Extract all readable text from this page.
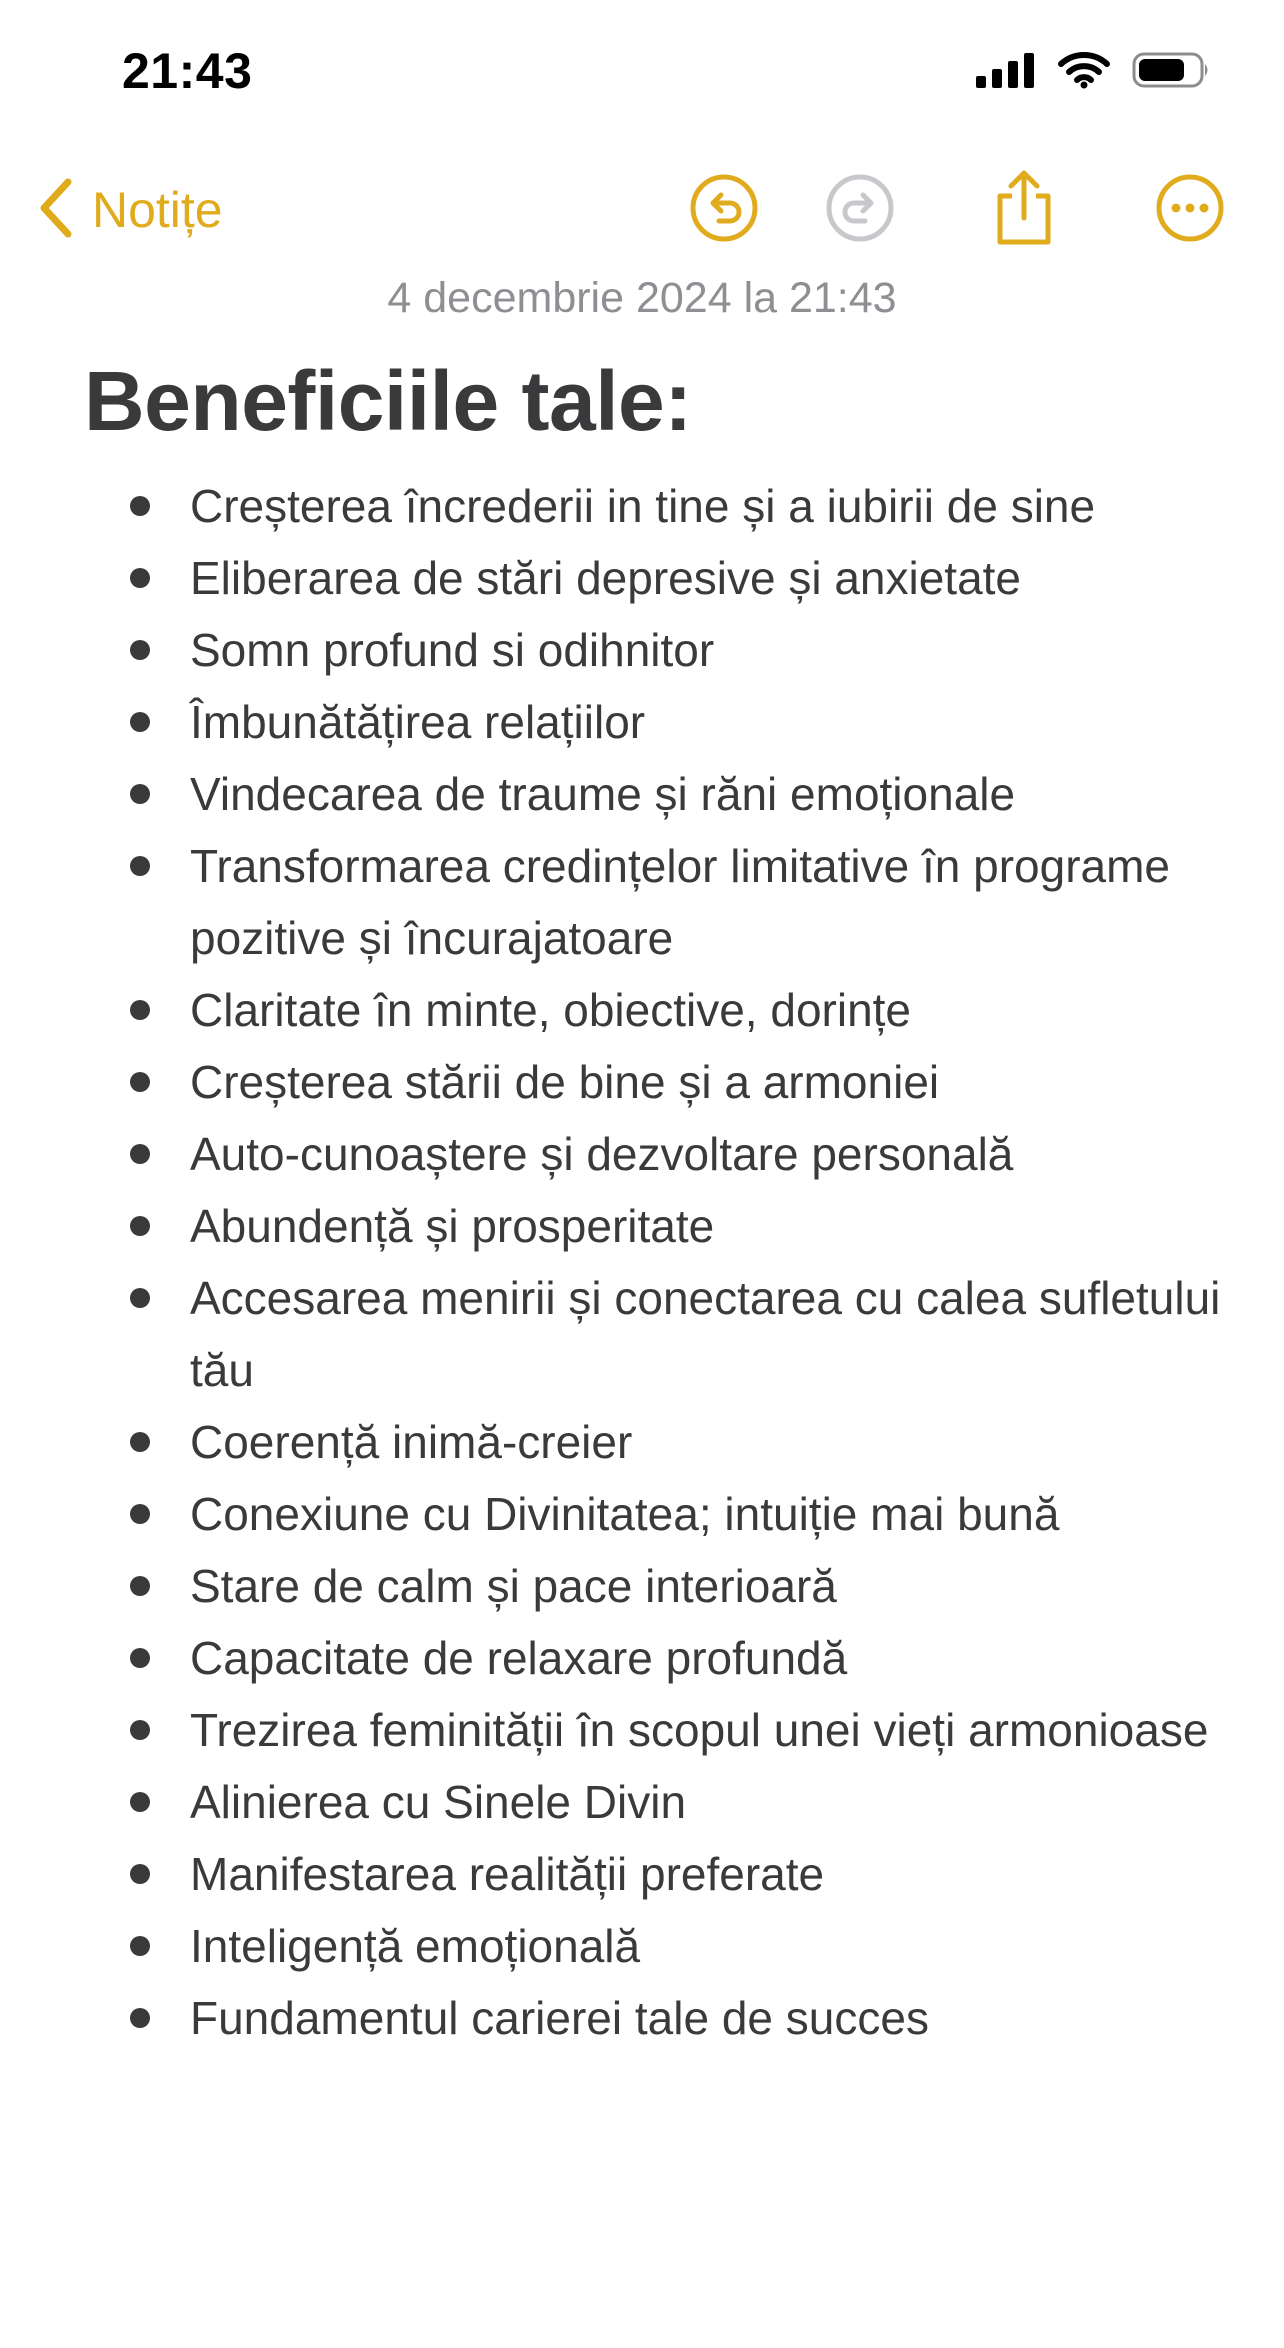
21:43
Notițe
4 decembrie 2024 la 21:43
Beneficiile tale:
Creșterea încrederii in tine și a iubirii de sine
Eliberarea de stări depresive și anxietate
Somn profund si odihnitor
Îmbunătățirea relațiilor
Vindecarea de traume și răni emoționale
Transformarea credințelor limitative în programe pozitive și încurajatoare
Claritate în minte, obiective, dorințe
Creșterea stării de bine și a armoniei
Auto-cunoaștere și dezvoltare personală
Abundență și prosperitate
Accesarea menirii și conectarea cu calea sufletului tău
Coerență inimă-creier
Conexiune cu Divinitatea; intuiție mai bună
Stare de calm și pace interioară
Capacitate de relaxare profundă
Trezirea feminității în scopul unei vieți armonioase
Alinierea cu Sinele Divin
Manifestarea realității preferate
Inteligență emoțională
Fundamentul carierei tale de succes
